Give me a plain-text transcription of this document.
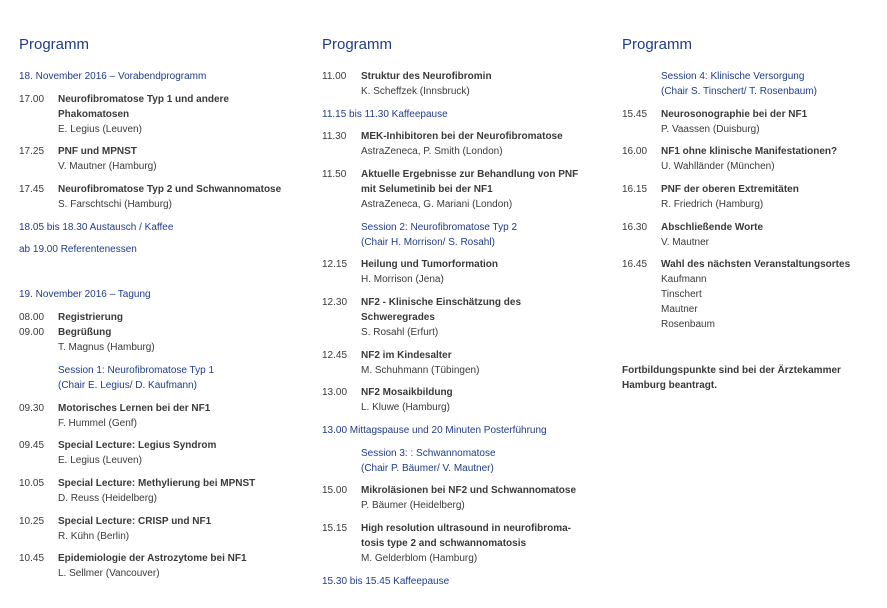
Programm
18. November 2016 – Vorabendprogramm
17.00	Neurofibromatose Typ 1 und andere
Phakomatosen
E. Legius (Leuven)
17.25	PNF und MPNST
V. Mautner (Hamburg)
17.45	Neurofibromatose Typ 2 und Schwannomatose
S. Farschtschi (Hamburg)
18.05 bis 18.30 Austausch / Kaffee
ab 19.00 Referentenessen
19. November 2016 – Tagung
08.00	Registrierung
09.00	Begrüßung
T. Magnus (Hamburg)
Session 1: Neurofibromatose Typ 1
(Chair E. Legius/ D. Kaufmann)
09.30	Motorisches Lernen bei der NF1
F. Hummel (Genf)
09.45	Special Lecture: Legius Syndrom
E. Legius (Leuven)
10.05	Special Lecture: Methylierung bei MPNST
D. Reuss (Heidelberg)
10.25	Special Lecture: CRISP und NF1
R. Kühn (Berlin)
10.45	Epidemiologie der Astrozytome bei NF1
L. Sellmer (Vancouver)
Programm
11.00	Struktur des Neurofibromin
K. Scheffzek (Innsbruck)
11.15 bis 11.30 Kaffeepause
11.30	MEK-Inhibitoren bei der Neurofibromatose
AstraZeneca, P. Smith (London)
11.50	Aktuelle Ergebnisse zur Behandlung von PNF
mit Selumetinib bei der NF1
AstraZeneca, G. Mariani (London)
Session 2: Neurofibromatose Typ 2
(Chair H. Morrison/ S. Rosahl)
12.15	Heilung und Tumorformation
H. Morrison (Jena)
12.30	NF2 - Klinische Einschätzung des
Schweregrades
S. Rosahl (Erfurt)
12.45	NF2 im Kindesalter
M. Schuhmann (Tübingen)
13.00	NF2 Mosaikbildung
L. Kluwe (Hamburg)
13.00 Mittagspause und 20 Minuten Posterführung
Session 3: : Schwannomatose
(Chair P. Bäumer/ V. Mautner)
15.00	Mikroläsionen bei NF2 und Schwannomatose
P. Bäumer (Heidelberg)
15.15	High resolution ultrasound in neurofibroma-
tosis type 2 and schwannomatosis
M. Gelderblom (Hamburg)
15.30 bis 15.45 Kaffeepause
Programm
Session 4: Klinische Versorgung
(Chair S. Tinschert/ T. Rosenbaum)
15.45	Neurosonographie bei der NF1
P. Vaassen (Duisburg)
16.00	NF1 ohne klinische Manifestationen?
U. Wahlländer (München)
16.15	PNF der oberen Extremitäten
R. Friedrich (Hamburg)
16.30	Abschließende Worte
V. Mautner
16.45	Wahl des nächsten Veranstaltungsortes
Kaufmann
Tinschert
Mautner
Rosenbaum
Fortbildungspunkte sind bei der Ärztekammer
Hamburg beantragt.
